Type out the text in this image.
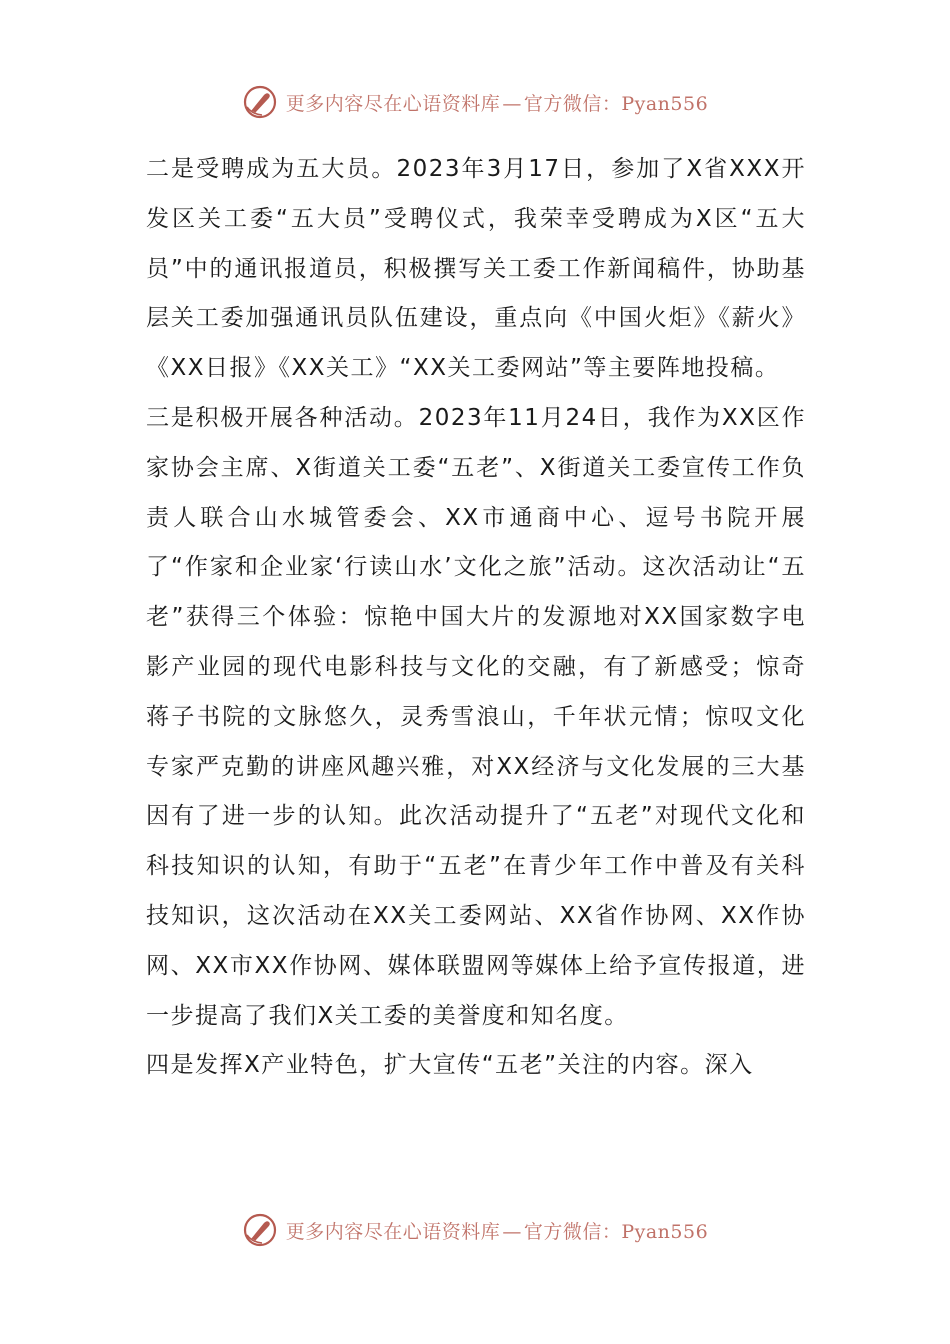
更多内容尽在心语资料库 — 官方微信：Pyan556

二是受聘成为五大员。2023年3月17日，参加了X省XXX开发区关工委“五大员”受聘仪式，我荣幸受聘成为X区“五大员”中的通讯报道员，积极撰写关工委工作新闻稿件，协助基层关工委加强通讯员队伍建设，重点向《中国火炬》《薪火》《XX日报》《XX关工》“XX关工委网站”等主要阵地投稿。

三是积极开展各种活动。2023年11月24日，我作为XX区作家协会主席、X街道关工委“五老”、X街道关工委宣传工作负责人联合山水城管委会、XX市通商中心、逗号书院开展了“作家和企业家‘行读山水’文化之旅”活动。这次活动让“五老”获得三个体验：惊艳中国大片的发源地对XX国家数字电影产业园的现代电影科技与文化的交融，有了新感受；惊奇蒋子书院的文脉悠久，灵秀雪浪山，千年状元情；惊叹文化专家严克勤的讲座风趣兴雅，对XX经济与文化发展的三大基因有了进一步的认知。此次活动提升了“五老”对现代文化和科技知识的认知，有助于“五老”在青少年工作中普及有关科技知识，这次活动在XX关工委网站、XX省作协网、XX作协网、XX市XX作协网、媒体联盟网等媒体上给予宣传报道，进一步提高了我们X关工委的美誉度和知名度。

四是发挥X产业特色，扩大宣传“五老”关注的内容。深入

更多内容尽在心语资料库 — 官方微信：Pyan556
